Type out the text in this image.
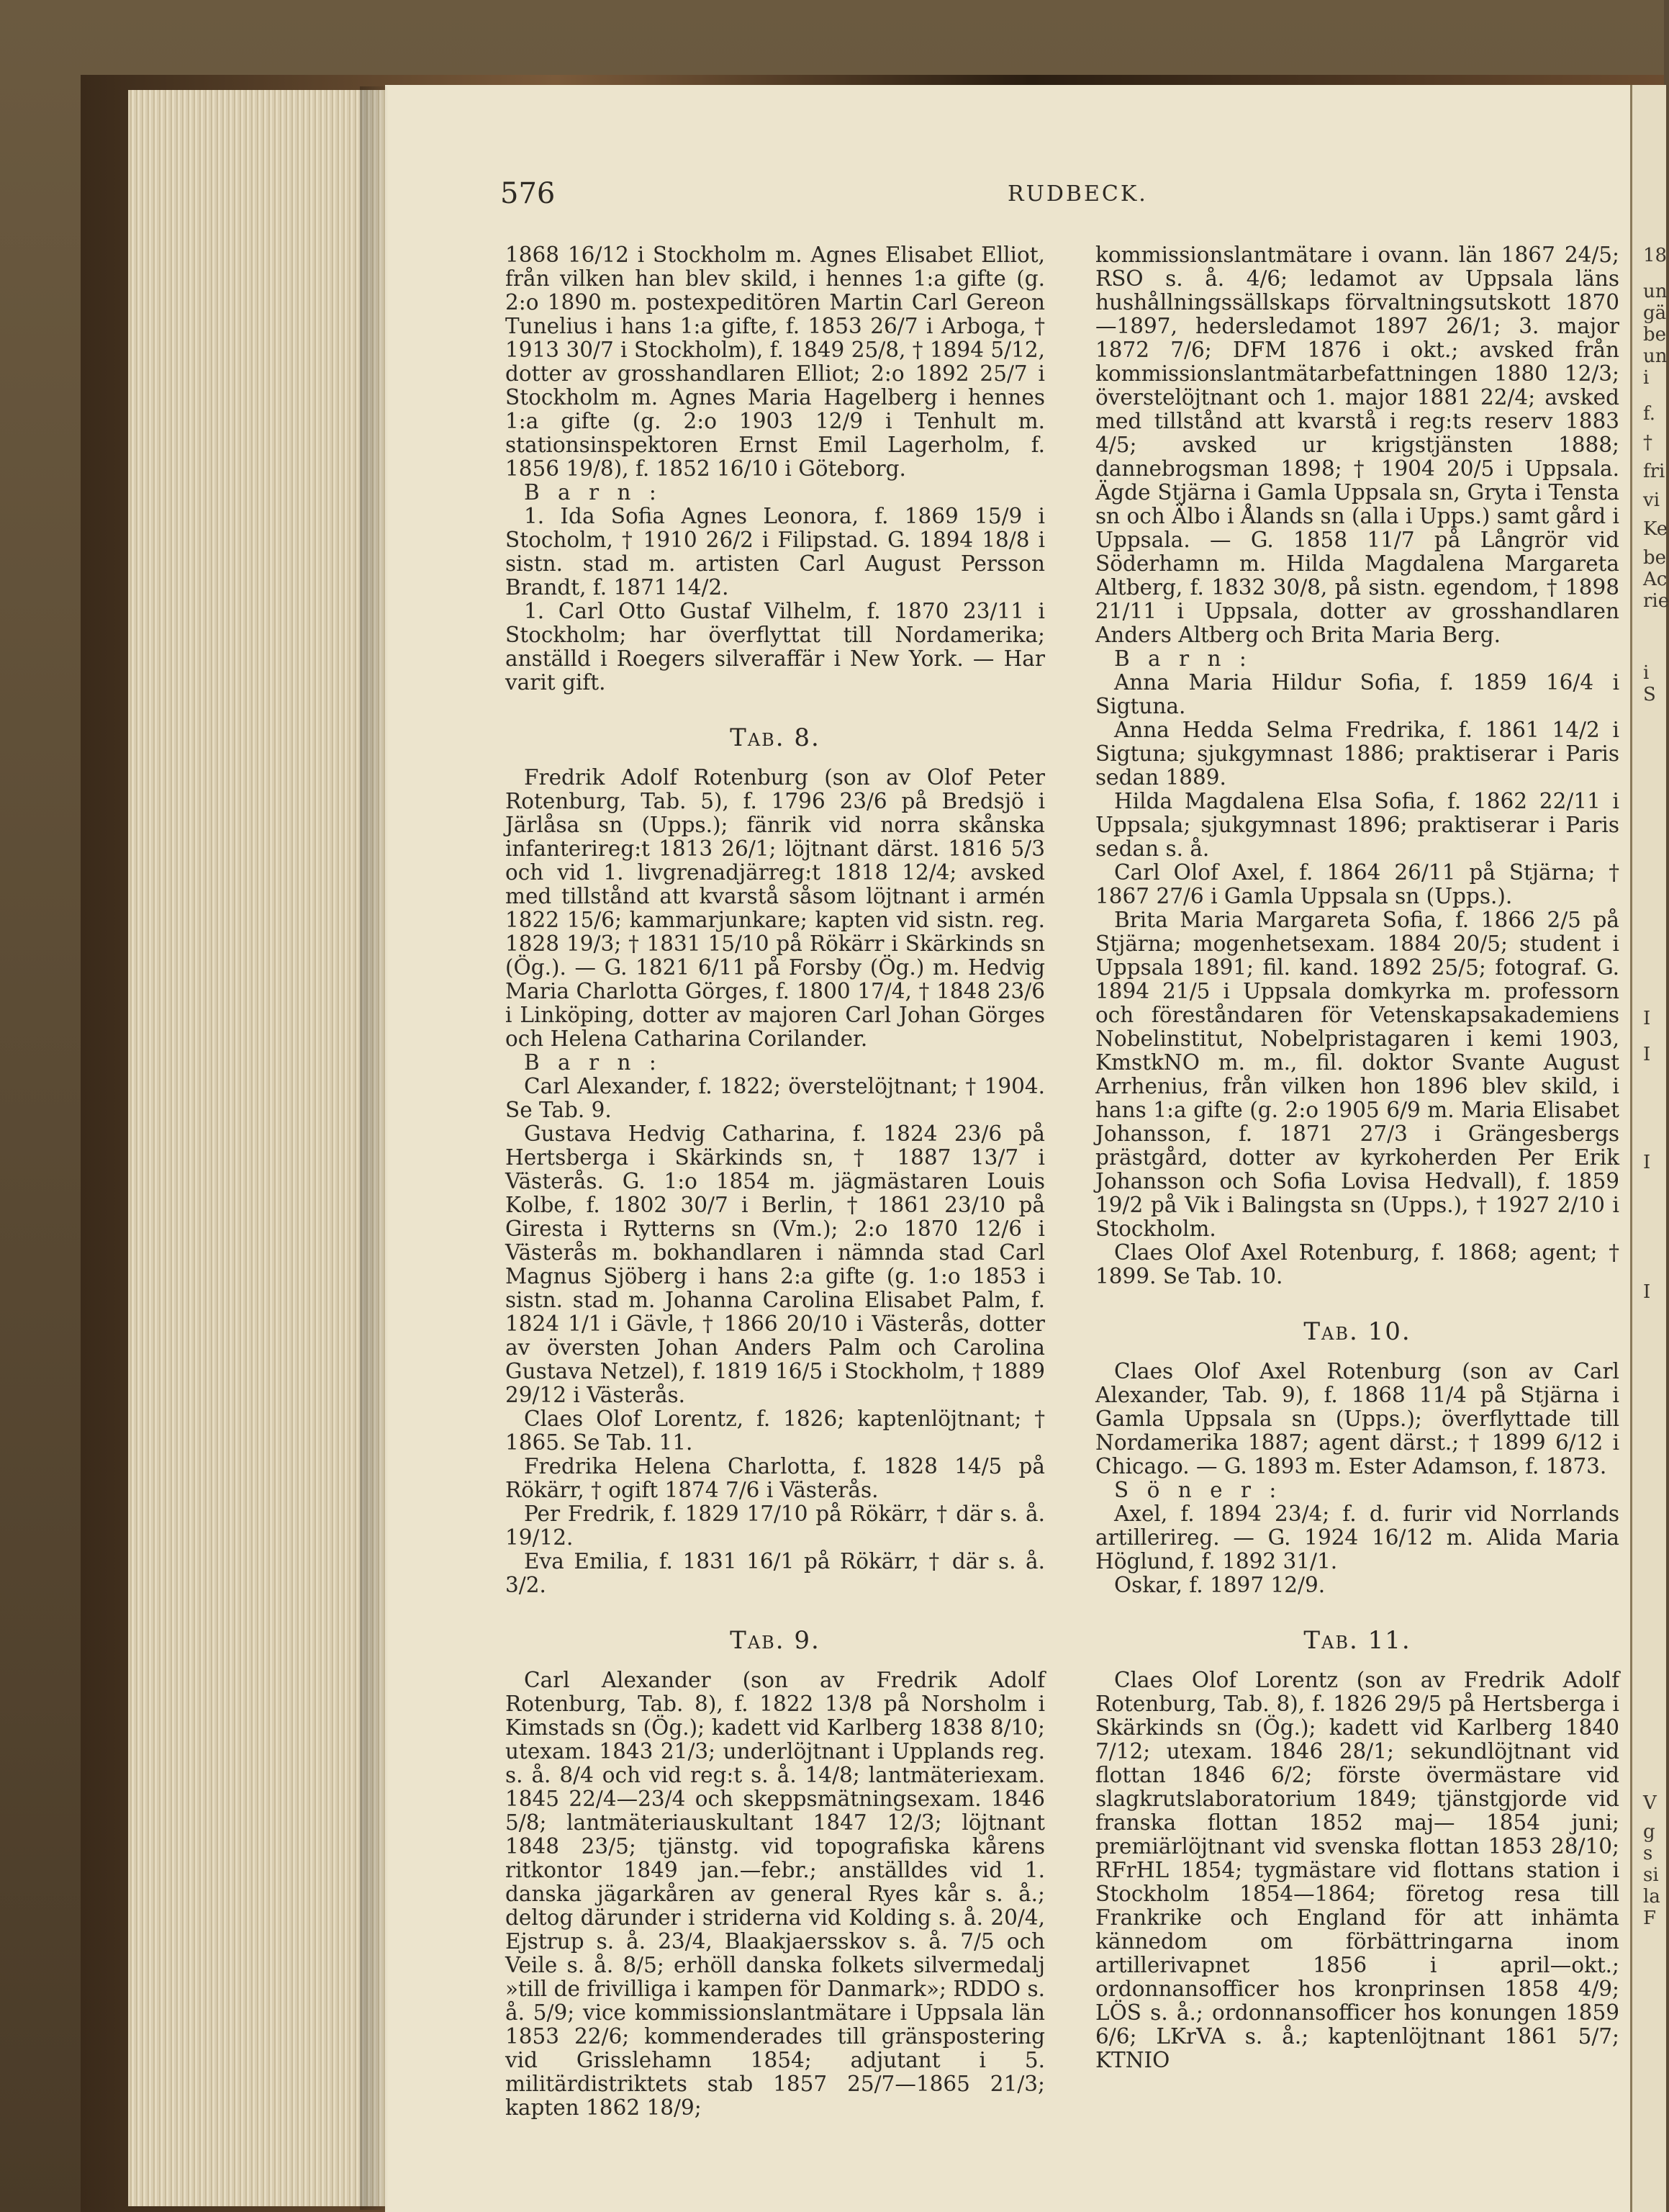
576	RUDBECK.

1868 16/12 i Stockholm m. Agnes Elisabet Elliot, från vilken han blev skild, i hennes 1:a gifte (g. 2:o 1890 m. postexpeditören Martin Carl Gereon Tunelius i hans 1:a gifte, f. 1853 26/7 i Arboga, † 1913 30/7 i Stockholm), f. 1849 25/8, † 1894 5/12, dotter av grosshandlaren Elliot; 2:o 1892 25/7 i Stockholm m. Agnes Maria Hagelberg i hennes 1:a gifte (g. 2:o 1903 12/9 i Tenhult m. stationsinspektoren Ernst Emil Lagerholm, f. 1856 19/8), f. 1852 16/10 i Göteborg.

B a r n :

1. Ida Sofia Agnes Leonora, f. 1869 15/9 i Stocholm, † 1910 26/2 i Filipstad. G. 1894 18/8 i sistn. stad m. artisten Carl August Persson Brandt, f. 1871 14/2.

1. Carl Otto Gustaf Vilhelm, f. 1870 23/11 i Stockholm; har överflyttat till Nordamerika; anställd i Roegers silveraffär i New York. — Har varit gift.

Tab. 8.

Fredrik Adolf Rotenburg (son av Olof Peter Rotenburg, Tab. 5), f. 1796 23/6 på Bredsjö i Järlåsa sn (Upps.); fänrik vid norra skånska infanterireg:t 1813 26/1; löjtnant därst. 1816 5/3 och vid 1. livgrenadjärreg:t 1818 12/4; avsked med tillstånd att kvarstå såsom löjtnant i armén 1822 15/6; kammarjunkare; kapten vid sistn. reg. 1828 19/3; † 1831 15/10 på Rökärr i Skärkinds sn (Ög.). — G. 1821 6/11 på Forsby (Ög.) m. Hedvig Maria Charlotta Görges, f. 1800 17/4, † 1848 23/6 i Linköping, dotter av majoren Carl Johan Görges och Helena Catharina Corilander.

B a r n :

Carl Alexander, f. 1822; överstelöjtnant; † 1904. Se Tab. 9.

Gustava Hedvig Catharina, f. 1824 23/6 på Hertsberga i Skärkinds sn, † 1887 13/7 i Västerås. G. 1:o 1854 m. jägmästaren Louis Kolbe, f. 1802 30/7 i Berlin, † 1861 23/10 på Giresta i Rytterns sn (Vm.); 2:o 1870 12/6 i Västerås m. bokhandlaren i nämnda stad Carl Magnus Sjöberg i hans 2:a gifte (g. 1:o 1853 i sistn. stad m. Johanna Carolina Elisabet Palm, f. 1824 1/1 i Gävle, † 1866 20/10 i Västerås, dotter av översten Johan Anders Palm och Carolina Gustava Netzel), f. 1819 16/5 i Stockholm, † 1889 29/12 i Västerås.

Claes Olof Lorentz, f. 1826; kaptenlöjtnant; † 1865. Se Tab. 11.

Fredrika Helena Charlotta, f. 1828 14/5 på Rökärr, † ogift 1874 7/6 i Västerås.

Per Fredrik, f. 1829 17/10 på Rökärr, † där s. å. 19/12.

Eva Emilia, f. 1831 16/1 på Rökärr, † där s. å. 3/2.

Tab. 9.

Carl Alexander (son av Fredrik Adolf Rotenburg, Tab. 8), f. 1822 13/8 på Norsholm i Kimstads sn (Ög.); kadett vid Karlberg 1838 8/10; utexam. 1843 21/3; underlöjtnant i Upplands reg. s. å. 8/4 och vid reg:t s. å. 14/8; lantmäteriexam. 1845 22/4—23/4 och skeppsmätningsexam. 1846 5/8; lantmäteriauskultant 1847 12/3; löjtnant 1848 23/5; tjänstg. vid topografiska kårens ritkontor 1849 jan.—febr.; anställdes vid 1. danska jägarkåren av general Ryes kår s. å.; deltog därunder i striderna vid Kolding s. å. 20/4, Ejstrup s. å. 23/4, Blaakjaersskov s. å. 7/5 och Veile s. å. 8/5; erhöll danska folkets silvermedalj »till de frivilliga i kampen för Danmark»; RDDO s. å. 5/9; vice kommissionslantmätare i Uppsala län 1853 22/6; kommenderades till gränspostering vid Grisslehamn 1854; adjutant i 5. militärdistriktets stab 1857 25/7—1865 21/3; kapten 1862 18/9;

kommissionslantmätare i ovann. län 1867 24/5; RSO s. å. 4/6; ledamot av Uppsala läns hushållningssällskaps förvaltningsutskott 1870—1897, hedersledamot 1897 26/1; 3. major 1872 7/6; DFM 1876 i okt.; avsked från kommissionslantmätarbefattningen 1880 12/3; överstelöjtnant och 1. major 1881 22/4; avsked med tillstånd att kvarstå i reg:ts reserv 1883 4/5; avsked ur krigstjänsten 1888; dannebrogsman 1898; † 1904 20/5 i Uppsala. Ägde Stjärna i Gamla Uppsala sn, Gryta i Tensta sn och Älbo i Ålands sn (alla i Upps.) samt gård i Uppsala. — G. 1858 11/7 på Långrör vid Söderhamn m. Hilda Magdalena Margareta Altberg, f. 1832 30/8, på sistn. egendom, † 1898 21/11 i Uppsala, dotter av grosshandlaren Anders Altberg och Brita Maria Berg.

B a r n :

Anna Maria Hildur Sofia, f. 1859 16/4 i Sigtuna.

Anna Hedda Selma Fredrika, f. 1861 14/2 i Sigtuna; sjukgymnast 1886; praktiserar i Paris sedan 1889.

Hilda Magdalena Elsa Sofia, f. 1862 22/11 i Uppsala; sjukgymnast 1896; praktiserar i Paris sedan s. å.

Carl Olof Axel, f. 1864 26/11 på Stjärna; † 1867 27/6 i Gamla Uppsala sn (Upps.).

Brita Maria Margareta Sofia, f. 1866 2/5 på Stjärna; mogenhetsexam. 1884 20/5; student i Uppsala 1891; fil. kand. 1892 25/5; fotograf. G. 1894 21/5 i Uppsala domkyrka m. professorn och föreståndaren för Vetenskapsakademiens Nobelinstitut, Nobelpristagaren i kemi 1903, KmstkNO m. m., fil. doktor Svante August Arrhenius, från vilken hon 1896 blev skild, i hans 1:a gifte (g. 2:o 1905 6/9 m. Maria Elisabet Johansson, f. 1871 27/3 i Grängesbergs prästgård, dotter av kyrkoherden Per Erik Johansson och Sofia Lovisa Hedvall), f. 1859 19/2 på Vik i Balingsta sn (Upps.), † 1927 2/10 i Stockholm.

Claes Olof Axel Rotenburg, f. 1868; agent; † 1899. Se Tab. 10.

Tab. 10.

Claes Olof Axel Rotenburg (son av Carl Alexander, Tab. 9), f. 1868 11/4 på Stjärna i Gamla Uppsala sn (Upps.); överflyttade till Nordamerika 1887; agent därst.; † 1899 6/12 i Chicago. — G. 1893 m. Ester Adamson, f. 1873.

S ö n e r :

Axel, f. 1894 23/4; f. d. furir vid Norrlands artillerireg. — G. 1924 16/12 m. Alida Maria Höglund, f. 1892 31/1.

Oskar, f. 1897 12/9.

Tab. 11.

Claes Olof Lorentz (son av Fredrik Adolf Rotenburg, Tab. 8), f. 1826 29/5 på Hertsberga i Skärkinds sn (Ög.); kadett vid Karlberg 1840 7/12; utexam. 1846 28/1; sekundlöjtnant vid flottan 1846 6/2; förste övermästare vid slagkrutslaboratorium 1849; tjänstgjorde vid franska flottan 1852 maj— 1854 juni; premiärlöjtnant vid svenska flottan 1853 28/10; RFrHL 1854; tygmästare vid flottans station i Stockholm 1854—1864; företog resa till Frankrike och England för att inhämta kännedom om förbättringarna inom artillerivapnet 1856 i april—okt.; ordonnansofficer hos kronprinsen 1858 4/9; LÖS s. å.; ordonnansofficer hos konungen 1859 6/6; LKrVA s. å.; kaptenlöjtnant 1861 5/7; KTNIO

18
un
gä
be
un
i
f.
†
fri
vi
Ke
be
Ac
rie
i S
I
I
I
I
V
g
s
si
la
F
